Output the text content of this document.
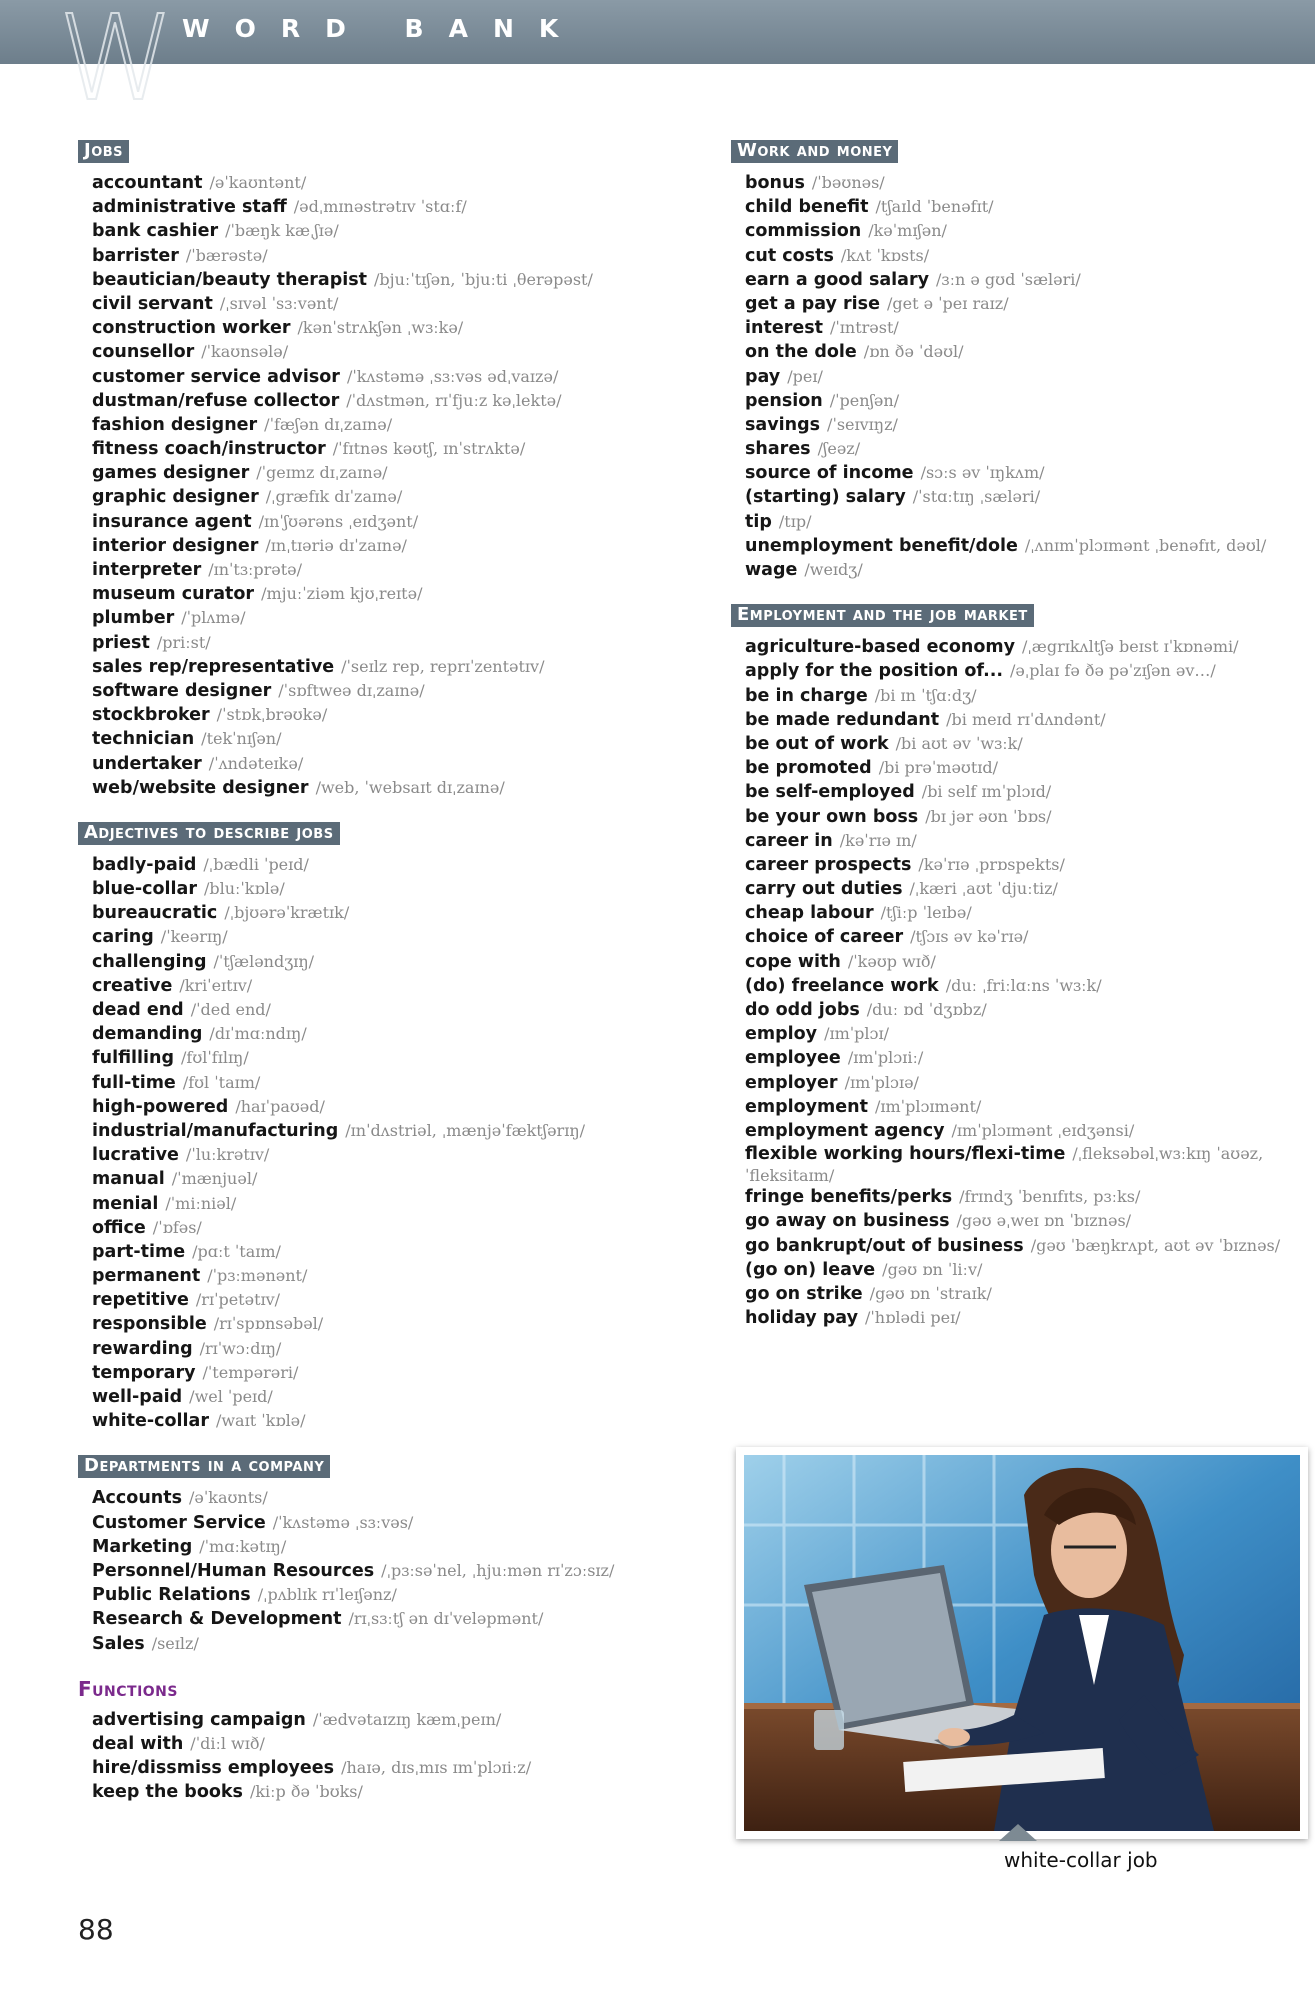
W WORD BANK
Jobs
accountant /əˈkaʊntənt/
administrative staff /ədˌmɪnəstrətɪv ˈstɑːf/
bank cashier /ˈbæŋk kæˌʃɪə/
barrister /ˈbærəstə/
beautician/beauty therapist /bjuːˈtɪʃən, ˈbjuːti ˌθerəpəst/
civil servant /ˌsɪvəl ˈsɜːvənt/
construction worker /kənˈstrʌkʃən ˌwɜːkə/
counsellor /ˈkaʊnsələ/
customer service advisor /ˈkʌstəmə ˌsɜːvəs ədˌvaɪzə/
dustman/refuse collector /ˈdʌstmən, rɪˈfjuːz kəˌlektə/
fashion designer /ˈfæʃən dɪˌzaɪnə/
fitness coach/instructor /ˈfɪtnəs kəʊtʃ, ɪnˈstrʌktə/
games designer /ˈgeɪmz dɪˌzaɪnə/
graphic designer /ˌgræfɪk dɪˈzaɪnə/
insurance agent /ɪnˈʃʊərəns ˌeɪdʒənt/
interior designer /ɪnˌtɪəriə dɪˈzaɪnə/
interpreter /ɪnˈtɜːprətə/
museum curator /mjuːˈziəm kjʊˌreɪtə/
plumber /ˈplʌmə/
priest /priːst/
sales rep/representative /ˈseɪlz rep, reprɪˈzentətɪv/
software designer /ˈsɒftweə dɪˌzaɪnə/
stockbroker /ˈstɒkˌbrəʊkə/
technician /tekˈnɪʃən/
undertaker /ˈʌndəteɪkə/
web/website designer /web, ˈwebsaɪt dɪˌzaɪnə/
Adjectives to describe jobs
badly-paid /ˌbædli ˈpeɪd/
blue-collar /bluːˈkɒlə/
bureaucratic /ˌbjʊərəˈkrætɪk/
caring /ˈkeərɪŋ/
challenging /ˈtʃæləndʒɪŋ/
creative /kriˈeɪtɪv/
dead end /ˈded end/
demanding /dɪˈmɑːndɪŋ/
fulfilling /fʊlˈfɪlɪŋ/
full-time /fʊl ˈtaɪm/
high-powered /haɪˈpaʊəd/
industrial/manufacturing /ɪnˈdʌstriəl, ˌmænjəˈfæktʃərɪŋ/
lucrative /ˈluːkrətɪv/
manual /ˈmænjuəl/
menial /ˈmiːniəl/
office /ˈɒfəs/
part-time /pɑːt ˈtaɪm/
permanent /ˈpɜːmənənt/
repetitive /rɪˈpetətɪv/
responsible /rɪˈspɒnsəbəl/
rewarding /rɪˈwɔːdɪŋ/
temporary /ˈtempərəri/
well-paid /wel ˈpeɪd/
white-collar /waɪt ˈkɒlə/
Departments in a company
Accounts /əˈkaʊnts/
Customer Service /ˈkʌstəmə ˌsɜːvəs/
Marketing /ˈmɑːkətɪŋ/
Personnel/Human Resources /ˌpɜːsəˈnel, ˌhjuːmən rɪˈzɔːsɪz/
Public Relations /ˌpʌblɪk rɪˈleɪʃənz/
Research & Development /rɪˌsɜːtʃ ən dɪˈveləpmənt/
Sales /seɪlz/
Functions
advertising campaign /ˈædvətaɪzɪŋ kæmˌpeɪn/
deal with /ˈdiːl wɪð/
hire/dissmiss employees /haɪə, dɪsˌmɪs ɪmˈplɔɪiːz/
keep the books /kiːp ðə ˈbʊks/
Work and money
bonus /ˈbəʊnəs/
child benefit /tʃaɪld ˈbenəfɪt/
commission /kəˈmɪʃən/
cut costs /kʌt ˈkɒsts/
earn a good salary /ɜːn ə gʊd ˈsæləri/
get a pay rise /get ə ˈpeɪ raɪz/
interest /ˈɪntrəst/
on the dole /ɒn ðə ˈdəʊl/
pay /peɪ/
pension /ˈpenʃən/
savings /ˈseɪvɪŋz/
shares /ʃeəz/
source of income /sɔːs əv ˈɪŋkʌm/
(starting) salary /ˈstɑːtɪŋ ˌsæləri/
tip /tɪp/
unemployment benefit/dole /ˌʌnɪmˈplɔɪmənt ˌbenəfɪt, dəʊl/
wage /weɪdʒ/
Employment and the job market
agriculture-based economy /ˌægrɪkʌltʃə beɪst ɪˈkɒnəmi/
apply for the position of... /əˌplaɪ fə ðə pəˈzɪʃən əv…/
be in charge /bi ɪn ˈtʃɑːdʒ/
be made redundant /bi meɪd rɪˈdʌndənt/
be out of work /bi aʊt əv ˈwɜːk/
be promoted /bi prəˈməʊtɪd/
be self-employed /bi self ɪmˈplɔɪd/
be your own boss /bɪ jər əʊn ˈbɒs/
career in /kəˈrɪə ɪn/
career prospects /kəˈrɪə ˌprɒspekts/
carry out duties /ˌkæri ˌaʊt ˈdjuːtiz/
cheap labour /tʃiːp ˈleɪbə/
choice of career /tʃɔɪs əv kəˈrɪə/
cope with /ˈkəʊp wɪð/
(do) freelance work /duː ˌfriːlɑːns ˈwɜːk/
do odd jobs /duː ɒd ˈdʒɒbz/
employ /ɪmˈplɔɪ/
employee /ɪmˈplɔɪiː/
employer /ɪmˈplɔɪə/
employment /ɪmˈplɔɪmənt/
employment agency /ɪmˈplɔɪmənt ˌeɪdʒənsi/
flexible working hours/flexi-time /ˌfleksəbəlˌwɜːkɪŋ ˈaʊəz, ˈfleksitaɪm/
fringe benefits/perks /frɪndʒ ˈbenɪfɪts, pɜːks/
go away on business /gəʊ əˌweɪ ɒn ˈbɪznəs/
go bankrupt/out of business /gəʊ ˈbæŋkrʌpt, aʊt əv ˈbɪznəs/
(go on) leave /gəʊ ɒn ˈliːv/
go on strike /gəʊ ɒn ˈstraɪk/
holiday pay /ˈhɒlədi peɪ/
white-collar job
88
